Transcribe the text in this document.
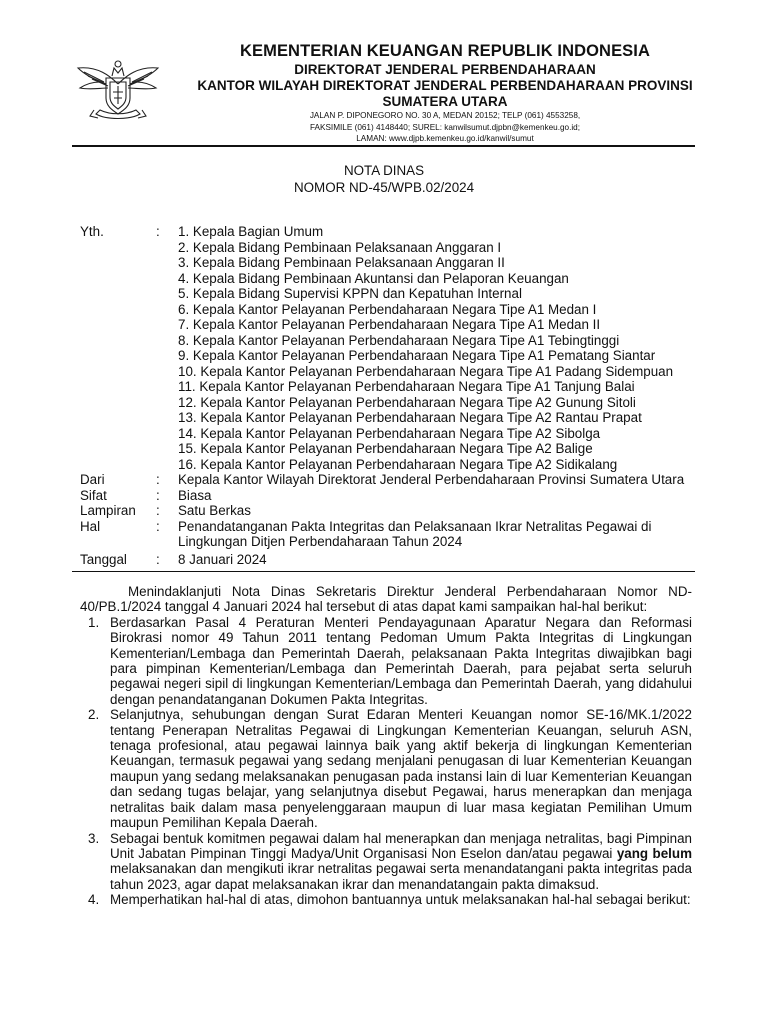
KEMENTERIAN KEUANGAN REPUBLIK INDONESIA
DIREKTORAT JENDERAL PERBENDAHARAAN
KANTOR WILAYAH DIREKTORAT JENDERAL PERBENDAHARAAN PROVINSI
SUMATERA UTARA
JALAN P. DIPONEGORO NO. 30 A, MEDAN 20152; TELP (061) 4553258,
FAKSIMILE (061) 4148440; SUREL: kanwilsumut.djpbn@kemenkeu.go.id;
LAMAN: www.djpb.kemenkeu.go.id/kanwil/sumut
NOTA DINAS
NOMOR ND-45/WPB.02/2024
Yth.	:	1. Kepala Bagian Umum
2. Kepala Bidang Pembinaan Pelaksanaan Anggaran I
3. Kepala Bidang Pembinaan Pelaksanaan Anggaran II
4. Kepala Bidang Pembinaan Akuntansi dan Pelaporan Keuangan
5. Kepala Bidang Supervisi KPPN dan Kepatuhan Internal
6. Kepala Kantor Pelayanan Perbendaharaan Negara Tipe A1 Medan I
7. Kepala Kantor Pelayanan Perbendaharaan Negara Tipe A1 Medan II
8. Kepala Kantor Pelayanan Perbendaharaan Negara Tipe A1 Tebingtinggi
9. Kepala Kantor Pelayanan Perbendaharaan Negara Tipe A1 Pematang Siantar
10. Kepala Kantor Pelayanan Perbendaharaan Negara Tipe A1 Padang Sidempuan
11. Kepala Kantor Pelayanan Perbendaharaan Negara Tipe A1 Tanjung Balai
12. Kepala Kantor Pelayanan Perbendaharaan Negara Tipe A2 Gunung Sitoli
13. Kepala Kantor Pelayanan Perbendaharaan Negara Tipe A2 Rantau Prapat
14. Kepala Kantor Pelayanan Perbendaharaan Negara Tipe A2 Sibolga
15. Kepala Kantor Pelayanan Perbendaharaan Negara Tipe A2 Balige
16. Kepala Kantor Pelayanan Perbendaharaan Negara Tipe A2 Sidikalang
Dari	:	Kepala Kantor Wilayah Direktorat Jenderal Perbendaharaan Provinsi Sumatera Utara
Sifat	:	Biasa
Lampiran	:	Satu Berkas
Hal	:	Penandatanganan Pakta Integritas dan Pelaksanaan Ikrar Netralitas Pegawai di Lingkungan Ditjen Perbendaharaan Tahun 2024
Tanggal	:	8 Januari 2024

Menindaklanjuti Nota Dinas Sekretaris Direktur Jenderal Perbendaharaan Nomor ND-40/PB.1/2024 tanggal 4 Januari 2024 hal tersebut di atas dapat kami sampaikan hal-hal berikut:

1. Berdasarkan Pasal 4 Peraturan Menteri Pendayagunaan Aparatur Negara dan Reformasi Birokrasi nomor 49 Tahun 2011 tentang Pedoman Umum Pakta Integritas di Lingkungan Kementerian/Lembaga dan Pemerintah Daerah, pelaksanaan Pakta Integritas diwajibkan bagi para pimpinan Kementerian/Lembaga dan Pemerintah Daerah, para pejabat serta seluruh pegawai negeri sipil di lingkungan Kementerian/Lembaga dan Pemerintah Daerah, yang didahului dengan penandatanganan Dokumen Pakta Integritas.
2. Selanjutnya, sehubungan dengan Surat Edaran Menteri Keuangan nomor SE-16/MK.1/2022 tentang Penerapan Netralitas Pegawai di Lingkungan Kementerian Keuangan, seluruh ASN, tenaga profesional, atau pegawai lainnya baik yang aktif bekerja di lingkungan Kementerian Keuangan, termasuk pegawai yang sedang menjalani penugasan di luar Kementerian Keuangan maupun yang sedang melaksanakan penugasan pada instansi lain di luar Kementerian Keuangan dan sedang tugas belajar, yang selanjutnya disebut Pegawai, harus menerapkan dan menjaga netralitas baik dalam masa penyelenggaraan maupun di luar masa kegiatan Pemilihan Umum maupun Pemilihan Kepala Daerah.
3. Sebagai bentuk komitmen pegawai dalam hal menerapkan dan menjaga netralitas, bagi Pimpinan Unit Jabatan Pimpinan Tinggi Madya/Unit Organisasi Non Eselon dan/atau pegawai yang belum melaksanakan dan mengikuti ikrar netralitas pegawai serta menandatangani pakta integritas pada tahun 2023, agar dapat melaksanakan ikrar dan menandatangain pakta dimaksud.
4. Memperhatikan hal-hal di atas, dimohon bantuannya untuk melaksanakan hal-hal sebagai berikut:
